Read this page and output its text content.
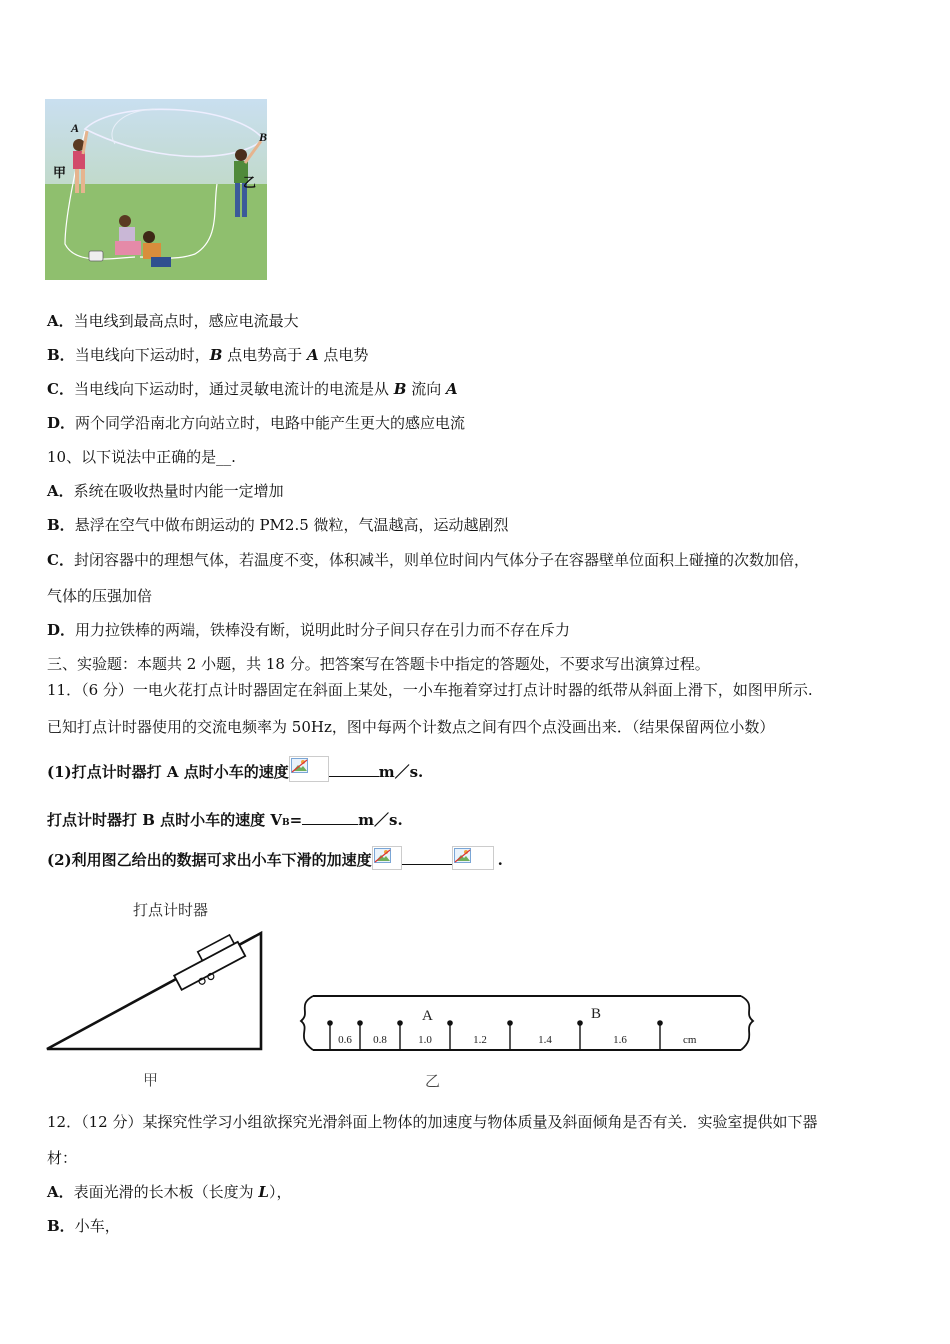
A
B
甲
乙
A．当电线到最高点时，感应电流最大
B．当电线向下运动时，B 点电势高于 A 点电势
C．当电线向下运动时，通过灵敏电流计的电流是从 B 流向 A
D．两个同学沿南北方向站立时，电路中能产生更大的感应电流
10、以下说法中正确的是__.
A．系统在吸收热量时内能一定增加
B．悬浮在空气中做布朗运动的 PM2.5 微粒，气温越高，运动越剧烈
C．封闭容器中的理想气体，若温度不变，体积减半，则单位时间内气体分子在容器壁单位面积上碰撞的次数加倍，
气体的压强加倍
D．用力拉铁棒的两端，铁棒没有断，说明此时分子间只存在引力而不存在斥力
三、实验题：本题共 2 小题，共 18 分。把答案写在答题卡中指定的答题处，不要求写出演算过程。
11．（6 分）一电火花打点计时器固定在斜面上某处，一小车拖着穿过打点计时器的纸带从斜面上滑下，如图甲所示.
已知打点计时器使用的交流电频率为 50Hz，图中每两个计数点之间有四个点没画出来．（结果保留两位小数）
(1)打点计时器打 A 点时小车的速度	m／s.
打点计时器打 B 点时小车的速度 VB=	m／s.
(2)利用图乙给出的数据可求出小车下滑的加速度	.
打点计时器
甲
0.6 0.8	1.0	1.2	1.4	1.6
A	B
cm
乙
12．（12 分）某探究性学习小组欲探究光滑斜面上物体的加速度与物体质量及斜面倾角是否有关．实验室提供如下器
材：
A．表面光滑的长木板（长度为 L），
B．小车，
